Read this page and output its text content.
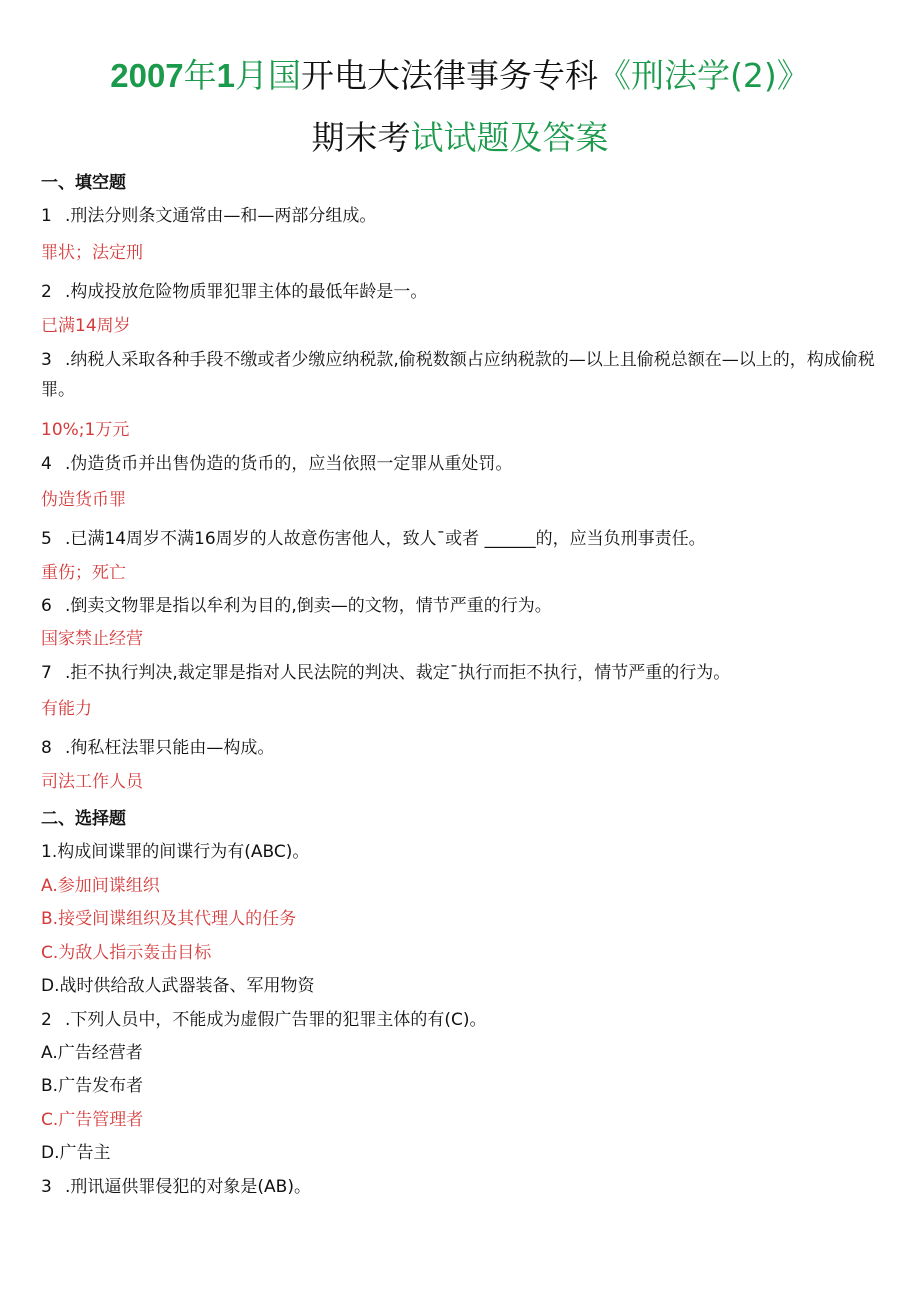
2007年1月国开电大法律事务专科《刑法学(2)》
期末考试试题及答案
一、填空题
1 .刑法分则条文通常由—和—两部分组成。
罪状；法定刑
2 .构成投放危险物质罪犯罪主体的最低年龄是一。
已满14周岁
3 .纳税人采取各种手段不缴或者少缴应纳税款,偷税数额占应纳税款的—以上且偷税总额在—以上的，构成偷税罪。
10%;1万元
4 .伪造货币并出售伪造的货币的，应当依照一定罪从重处罚。
伪造货币罪
5 .已满14周岁不满16周岁的人故意伤害他人，致人¯或者 ______的，应当负刑事责任。
重伤；死亡
6 .倒卖文物罪是指以牟利为目的,倒卖—的文物，情节严重的行为。
国家禁止经营
7 .拒不执行判决,裁定罪是指对人民法院的判决、裁定¯执行而拒不执行，情节严重的行为。
有能力
8 .徇私枉法罪只能由—构成。
司法工作人员
二、选择题
1.构成间谍罪的间谍行为有(ABC)。
A.参加间谍组织
B.接受间谍组织及其代理人的任务
C.为敌人指示轰击目标
D.战时供给敌人武器装备、军用物资
2 .下列人员中，不能成为虚假广告罪的犯罪主体的有(C)。
A.广告经营者
B.广告发布者
C.广告管理者
D.广告主
3 .刑讯逼供罪侵犯的对象是(AB)。
